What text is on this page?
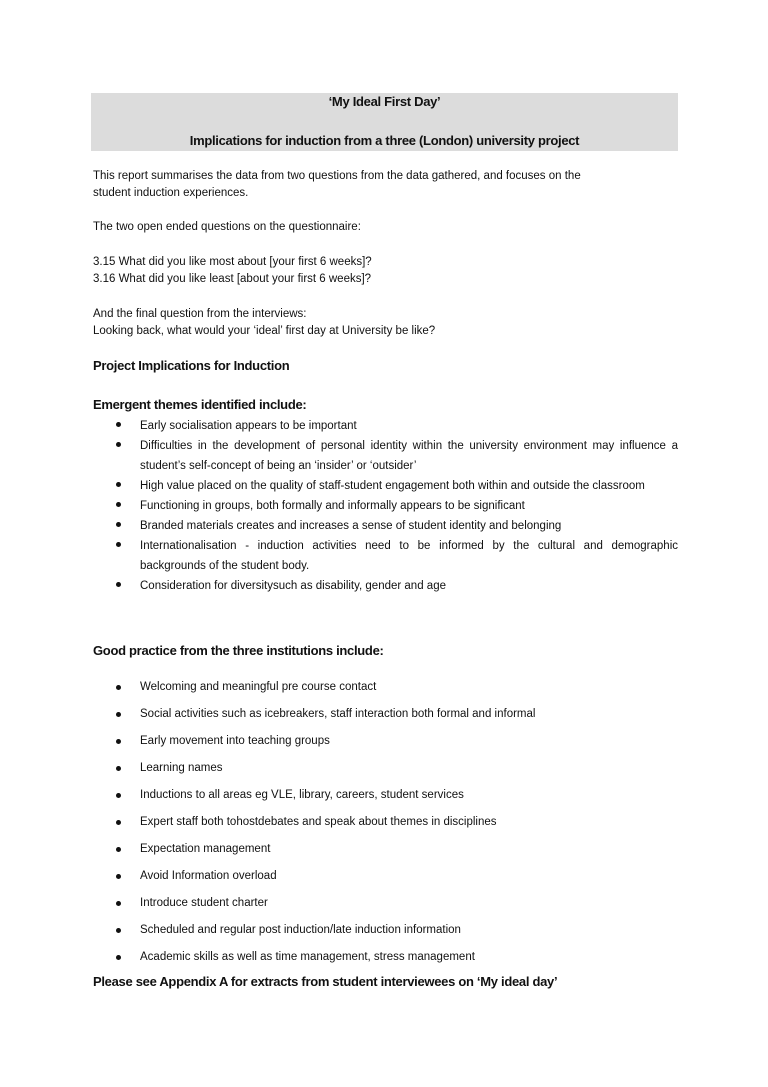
‘My Ideal First Day’
Implications for induction from a three (London) university project
This report summarises the data from two questions from the data gathered, and focuses on the
student induction experiences.
The two open ended questions on the questionnaire:
3.15 What did you like most about [your first 6 weeks]?
3.16 What did you like least [about your first 6 weeks]?
And the final question from the interviews:
Looking back, what would your ‘ideal’ first day at University be like?
Project Implications for Induction
Emergent themes identified include:
Early socialisation appears to be important
Difficulties in the development of personal identity within the university environment may influence a student’s self-concept of being an ‘insider’ or ‘outsider’
High value placed on the quality of staff-student engagement both within and outside the classroom
Functioning in groups, both formally and informally appears to be significant
Branded materials creates and increases a sense of student identity and belonging
Internationalisation - induction activities need to be informed by the cultural and demographic backgrounds of the student body.
Consideration for diversitysuch as disability, gender and age
Good practice from the three institutions include:
Welcoming and meaningful pre course contact
Social activities such as icebreakers, staff interaction both formal and informal
Early movement into teaching groups
Learning names
Inductions to all areas eg VLE, library, careers, student services
Expert staff both tohostdebates and speak about themes in disciplines
Expectation management
Avoid Information overload
Introduce student charter
Scheduled and regular post induction/late induction information
Academic skills as well as time management, stress management
Please see Appendix A for extracts from student interviewees on ‘My ideal day’
